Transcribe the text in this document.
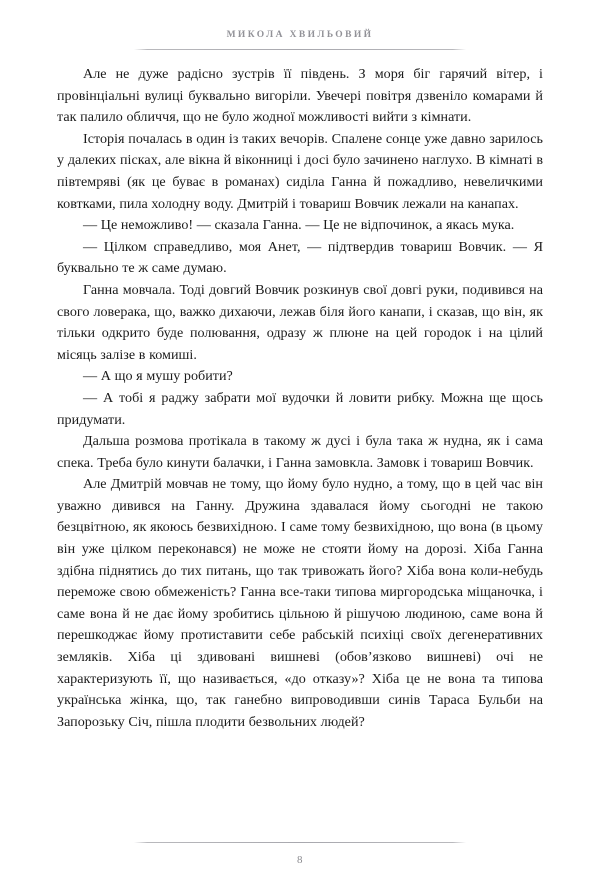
МИКОЛА ХВИЛЬОВИЙ

Але не дуже радісно зустрів її південь. З моря біг гарячий вітер, і провінціальні вулиці буквально вигоріли. Увечері повітря дзвеніло комарами й так палило обличчя, що не було жодної можливості вийти з кімнати.

Історія почалась в один із таких вечорів. Спалене сонце уже давно зарилось у далеких пісках, але вікна й віконниці і досі було зачинено наглухо. В кімнаті в півтемряві (як це буває в романах) сиділа Ганна й пожадливо, невеличкими ковтками, пила холодну воду. Дмитрій і товариш Вовчик лежали на канапах.

— Це неможливо! — сказала Ганна. — Це не відпочинок, а якась мука.

— Цілком справедливо, моя Анет, — підтвердив товариш Вовчик. — Я буквально те ж саме думаю.

Ганна мовчала. Тоді довгий Вовчик розкинув свої довгі руки, подивився на свого ловерака, що, важко дихаючи, лежав біля його канапи, і сказав, що він, як тільки одкрито буде полювання, одразу ж плюне на цей городок і на цілий місяць залізе в комиші.

— А що я мушу робити?

— А тобі я раджу забрати мої вудочки й ловити рибку. Можна ще щось придумати.

Дальша розмова протікала в такому ж дусі і була така ж нудна, як і сама спека. Треба було кинути балачки, і Ганна замовкла. Замовк і товариш Вовчик.

Але Дмитрій мовчав не тому, що йому було нудно, а тому, що в цей час він уважно дивився на Ганну. Дружина здавалася йому сьогодні не такою безцвітною, як якоюсь безвихідною. І саме тому безвихідною, що вона (в цьому він уже цілком переконався) не може не стояти йому на дорозі. Хіба Ганна здібна піднятись до тих питань, що так тривожать його? Хіба вона коли-небудь переможе свою обмеженість? Ганна все-таки типова миргородська міщаночка, і саме вона й не дає йому зробитись цільною й рішучою людиною, саме вона й перешкоджає йому протиставити себе рабській психіці своїх дегенеративних земляків. Хіба ці здивовані вишневі (обов’язково вишневі) очі не характеризують її, що називається, «до отказу»? Хіба це не вона та типова українська жінка, що, так ганебно випроводивши синів Тараса Бульби на Запорозьку Січ, пішла плодити безвольних людей?

8
